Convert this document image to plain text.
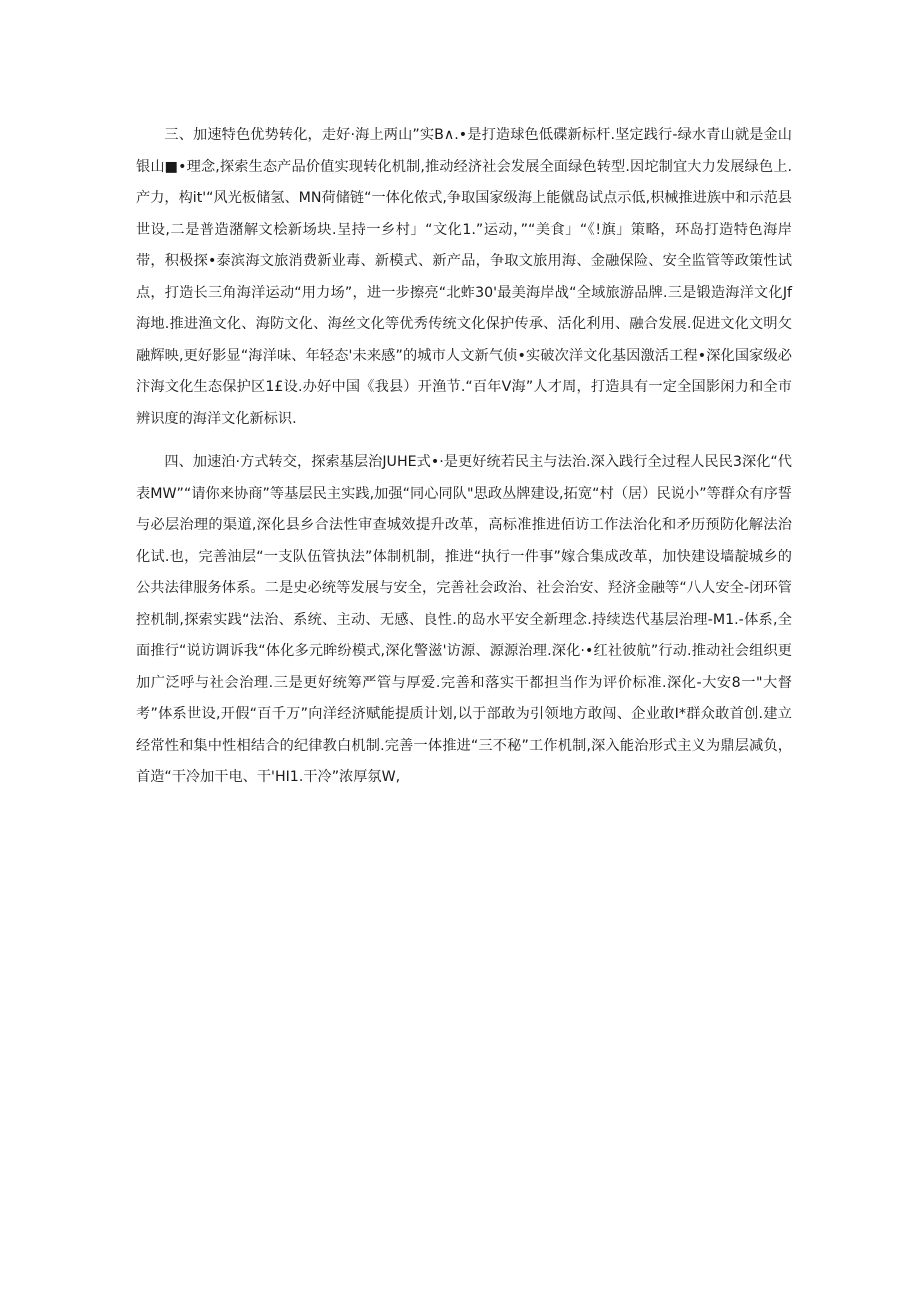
三、加速特色优势转化，走好·海上两山”实B∧.•是打造球色低碟新标杆.坚定践行-绿水青山就是金山银山■•理念,探索生态产品价值实现转化机制,推动经济社会发展全面绿色转型.因坨制宜大力发展绿色上.产力，构it'“风光板储氢、MN荷储链“一体化侬式,争取国家级海上能僦岛试点示低,枳械推进族中和示范县世设,二是普造潴解文桧新场块.呈持一乡村」“文化1.”运动，”“美食」“《!旗」策略，环岛打造特色海岸带，积极探•泰滨海文旅消费新业毒、新模式、新产品，争取文旅用海、金融保险、安全监管等政策性试点，打造长三角海洋运动“用力场”，进一步擦亮“北蚱30'最美海岸战“全域旅游品牌.三是锻造海洋文化Jf海地.推进渔文化、海防文化、海丝文化等优秀传统文化保护传承、活化利用、融合发展.促进文化文明攵融辉映,更好影显“海洋味、年轻态'未来感”的城市人文新气侦•实破次洋文化基因激活工程•深化国家级必汴海文化生态保护区1£设.办好中国《我县）开渔节.“百年V海”人才周，打造具有一定全国影闲力和全市辨识度的海洋文化新标识.

四、加速泊·方式转交，探索基层治JUHE式•·是更好统若民主与法治.深入践行全过程人民民3深化“代表MW”“请你来协商”等基层民主实践,加强“同心同队"思政丛牌建设,拓宽“村（居）民说小”等群众有序誓与必层治理的渠道,深化县乡合法性审查城效提升改革，高标准推进佰访工作法治化和矛历预防化解法治化试.也，完善油层“一支队伍管执法”体制机制，推进“执行一件事”嫁合集成改革，加快建设墙靛城乡的公共法律服务体系。二是史必统等发展与安全，完善社会政治、社会治安、羟济金融等“八人安全-闭环管控机制,探索实践“法治、系统、主动、无感、良性.的岛水平安全新理念.持续迭代基层治理-M1.-体系,全面推行“说访调诉我“体化多元眸纷模式,深化警滋'访源、源源治理.深化·•红社彼航”行动.推动社会组织更加广泛呼与社会治理.三是更好统筹严管与厚爱.完善和落实干都担当作为评价标准.深化-大安8一"大督考”体系世设,开假“百千万”向洋经济赋能提质计划,以于部敢为引领地方敢闯、企业敢I*群众敢首创.建立经常性和集中性相结合的纪律教白机制.完善一体推进“三不秘”工作机制,深入能治形式主义为鼎层减负，首造“干冷加干电、干'HI1.干冷”浓厚氛W,
